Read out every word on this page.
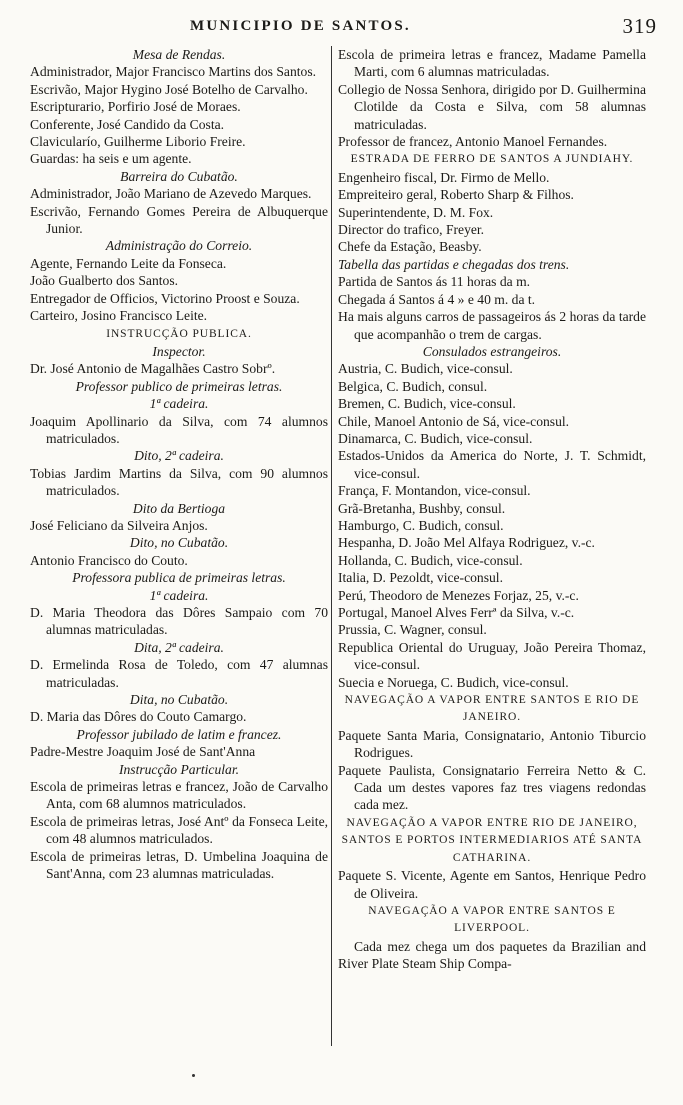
MUNICIPIO DE SANTOS.	319

Mesa de Rendas.

Administrador, Major Francisco Martins dos Santos.

Escrivão, Major Hygino José Botelho de Carvalho.

Escripturario, Porfirio José de Moraes.

Conferente, José Candido da Costa.

Clavicularío, Guilherme Liborio Freire.

Guardas: ha seis e um agente.

Barreira do Cubatão.

Administrador, João Mariano de Azevedo Marques.

Escrivão, Fernando Gomes Pereira de Albuquerque Junior.

Administração do Correio.

Agente, Fernando Leite da Fonseca.

João Gualberto dos Santos.

Entregador de Officios, Victorino Proost e Souza.

Carteiro, Josino Francisco Leite.

INSTRUCÇÃO PUBLICA.

Inspector.

Dr. José Antonio de Magalhães Castro Sobrº.

Professor publico de primeiras letras.

1ª cadeira.

Joaquim Apollinario da Silva, com 74 alumnos matriculados.

Dito, 2ª cadeira.

Tobias Jardim Martins da Silva, com 90 alumnos matriculados.

Dito da Bertioga

José Feliciano da Silveira Anjos.

Dito, no Cubatão.

Antonio Francisco do Couto.

Professora publica de primeiras letras.

1ª cadeira.

D. Maria Theodora das Dôres Sampaio com 70 alumnas matriculadas.

Dita, 2ª cadeira.

D. Ermelinda Rosa de Toledo, com 47 alumnas matriculadas.

Dita, no Cubatão.

D. Maria das Dôres do Couto Camargo.

Professor jubilado de latim e francez.

Padre-Mestre Joaquim José de Sant'Anna

Instrucção Particular.

Escola de primeiras letras e francez, João de Carvalho Anta, com 68 alumnos matriculados.

Escola de primeiras letras, José Antº da Fonseca Leite, com 48 alumnos matriculados.

Escola de primeiras letras, D. Umbelina Joaquina de Sant'Anna, com 23 alumnas matriculadas.

Escola de primeira letras e francez, Madame Pamella Marti, com 6 alumnas matriculadas.

Collegio de Nossa Senhora, dirigido por D. Guilhermina Clotilde da Costa e Silva, com 58 alumnas matriculadas.

Professor de francez, Antonio Manoel Fernandes.

ESTRADA DE FERRO DE SANTOS A JUNDIAHY.

Engenheiro fiscal, Dr. Firmo de Mello.

Empreiteiro geral, Roberto Sharp & Filhos.

Superintendente, D. M. Fox.

Director do trafico, Freyer.

Chefe da Estação, Beasby.

Tabella das partidas e chegadas dos trens.

Partida de Santos ás 11 horas da m.

Chegada á Santos á 4 » e 40 m. da t.

Ha mais alguns carros de passageiros ás 2 horas da tarde que acompanhão o trem de cargas.

Consulados estrangeiros.

Austria, C. Budich, vice-consul.

Belgica, C. Budich, consul.

Bremen, C. Budich, vice-consul.

Chile, Manoel Antonio de Sá, vice-consul.

Dinamarca, C. Budich, vice-consul.

Estados-Unidos da America do Norte, J. T. Schmidt, vice-consul.

França, F. Montandon, vice-consul.

Grã-Bretanha, Bushby, consul.

Hamburgo, C. Budich, consul.

Hespanha, D. João Mel Alfaya Rodriguez, v.-c.

Hollanda, C. Budich, vice-consul.

Italia, D. Pezoldt, vice-consul.

Perú, Theodoro de Menezes Forjaz, 25, v.-c.

Portugal, Manoel Alves Ferrª da Silva, v.-c.

Prussia, C. Wagner, consul.

Republica Oriental do Uruguay, João Pereira Thomaz, vice-consul.

Suecia e Noruega, C. Budich, vice-consul.

NAVEGAÇÃO A VAPOR ENTRE SANTOS E RIO DE JANEIRO.

Paquete Santa Maria, Consignatario, Antonio Tiburcio Rodrigues.

Paquete Paulista, Consignatario Ferreira Netto & C. Cada um destes vapores faz tres viagens redondas cada mez.

NAVEGAÇÃO A VAPOR ENTRE RIO DE JANEIRO, SANTOS E PORTOS INTERMEDIARIOS ATÉ SANTA CATHARINA.

Paquete S. Vicente, Agente em Santos, Henrique Pedro de Oliveira.

NAVEGAÇÃO A VAPOR ENTRE SANTOS E LIVERPOOL.

Cada mez chega um dos paquetes da Brazilian and River Plate Steam Ship Compa-
